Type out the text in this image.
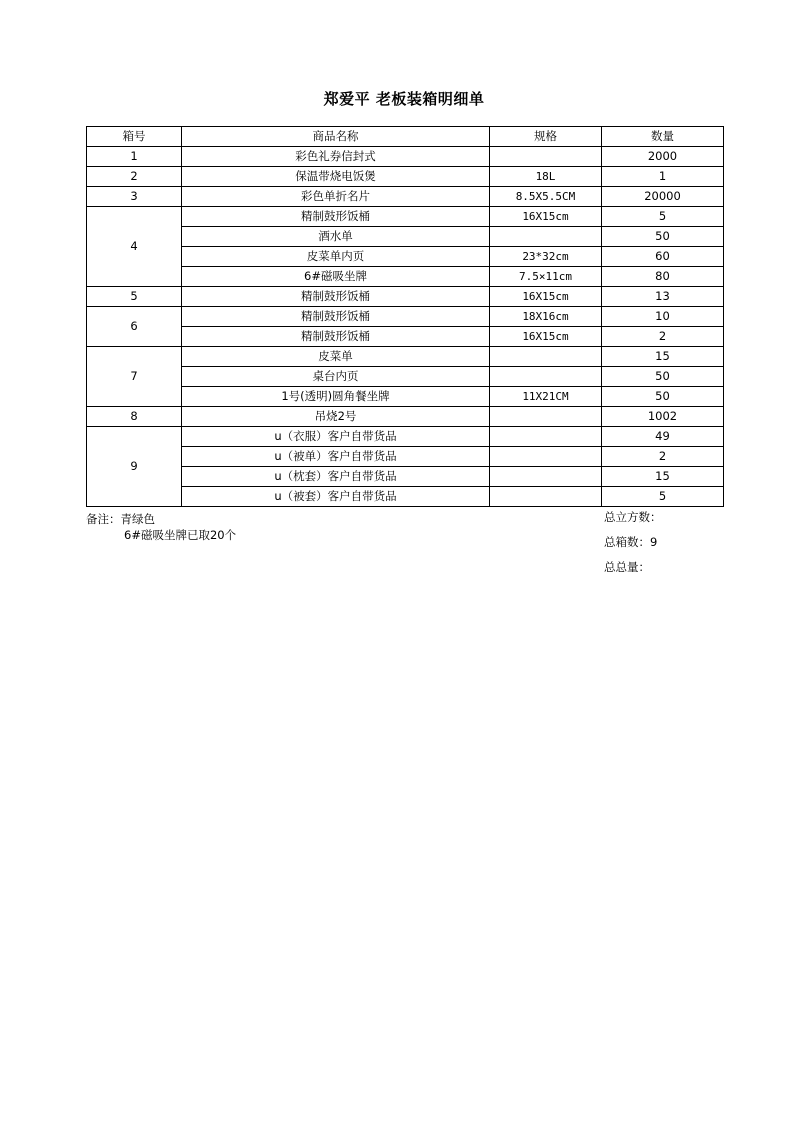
郑爱平 老板装箱明细单
箱号	商品名称	规格	数量
1	彩色礼券信封式		2000
2	保温带烧电饭煲	18L	1
3	彩色单折名片	8.5X5.5CM	20000
4	精制鼓形饭桶	16X15cm	5
	酒水单		50
	皮菜单内页	23*32cm	60
	6#磁吸坐牌	7.5×11cm	80
5	精制鼓形饭桶	16X15cm	13
6	精制鼓形饭桶	18X16cm	10
	精制鼓形饭桶	16X15cm	2
7	皮菜单		15
	桌台内页		50
	1号(透明)圆角餐坐牌	11X21CM	50
8	吊烧2号		1002
9	u（衣服）客户自带货品		49
	u（被单）客户自带货品		2
	u（枕套）客户自带货品		15
	u（被套）客户自带货品		5
备注：青绿色
6#磁吸坐牌已取20个
总立方数：
总箱数：9
总总量：
